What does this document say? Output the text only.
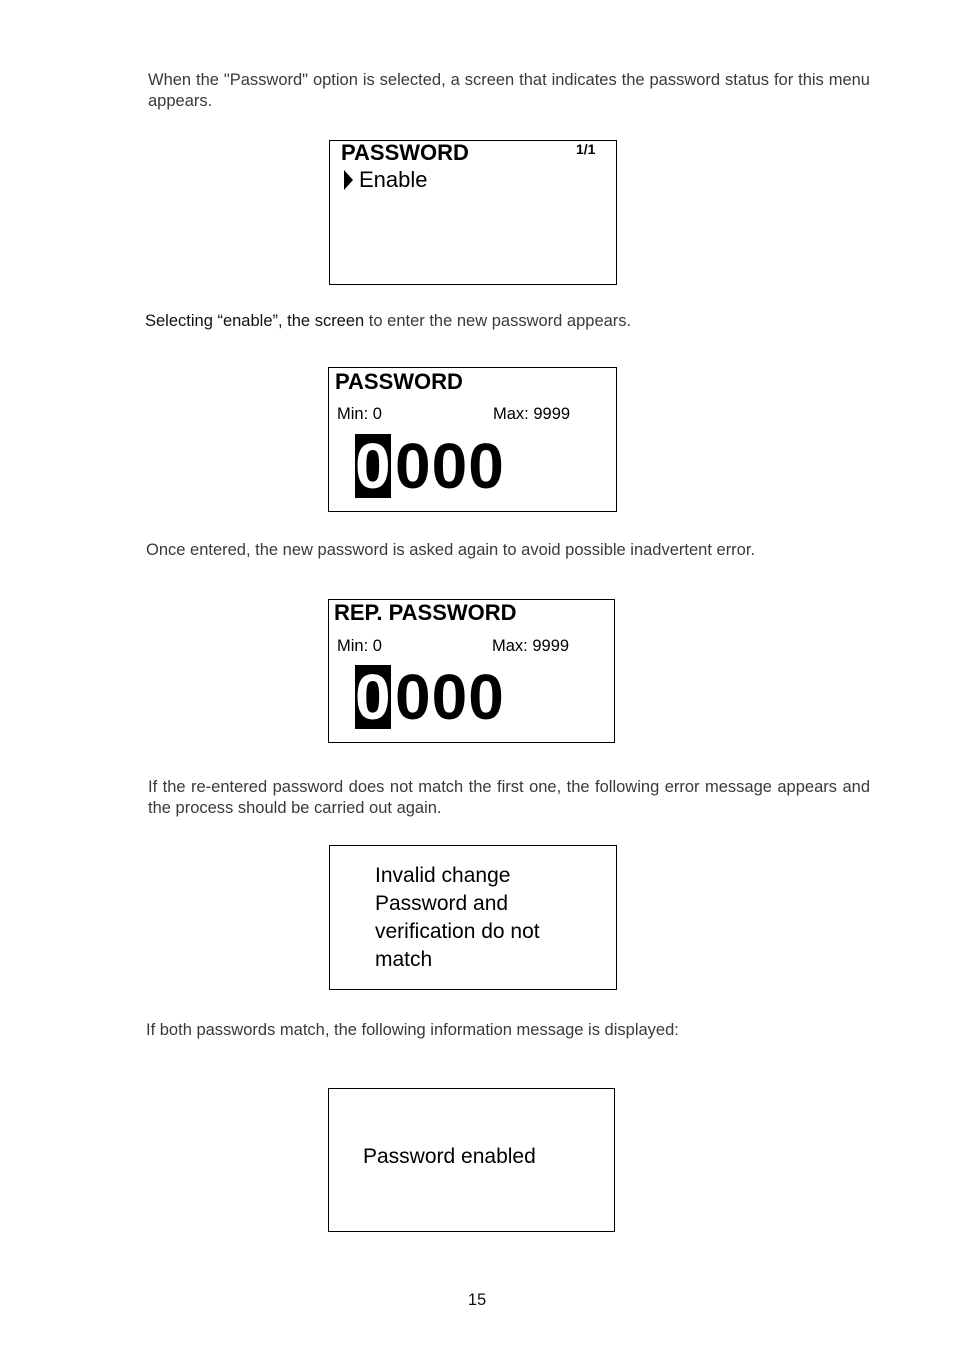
When the "Password" option is selected, a screen that indicates the password status for this menu appears.

PASSWORD	1/1
Enable

Selecting “enable”, the screen to enter the new password appears.

PASSWORD
Min: 0	Max: 9999
0000

Once entered, the new password is asked again to avoid possible inadvertent error.

REP. PASSWORD
Min: 0	Max: 9999
0000

If the re-entered password does not match the first one, the following error message appears and the process should be carried out again.

Invalid change
Password and
verification do not
match

If both passwords match, the following information message is displayed:

Password enabled
15
